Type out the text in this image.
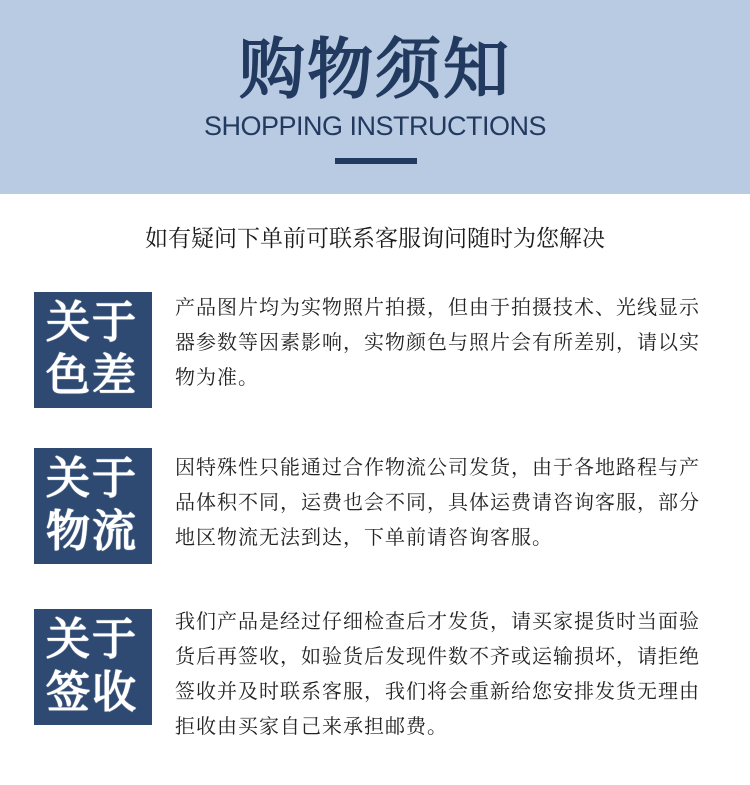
购物须知
SHOPPING INSTRUCTIONS
如有疑问下单前可联系客服询问随时为您解决
关于
色差
产品图片均为实物照片拍摄，但由于拍摄技术、光线显示器参数等因素影响，实物颜色与照片会有所差别，请以实物为准。
关于
物流
因特殊性只能通过合作物流公司发货，由于各地路程与产品体积不同，运费也会不同，具体运费请咨询客服，部分地区物流无法到达，下单前请咨询客服。
关于
签收
我们产品是经过仔细检查后才发货，请买家提货时当面验货后再签收，如验货后发现件数不齐或运输损坏，请拒绝签收并及时联系客服，我们将会重新给您安排发货无理由拒收由买家自己来承担邮费。
